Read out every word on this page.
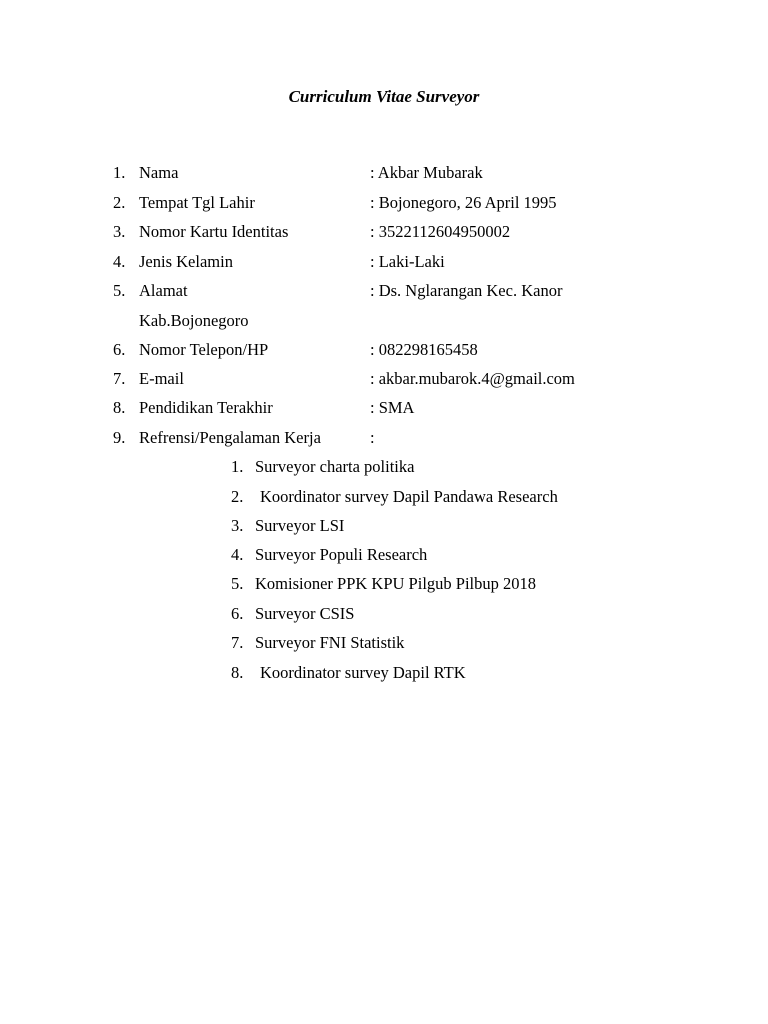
Curriculum Vitae Surveyor
1. Nama	: Akbar Mubarak
2. Tempat Tgl Lahir	: Bojonegoro, 26 April 1995
3. Nomor Kartu Identitas	: 3522112604950002
4. Jenis Kelamin	: Laki-Laki
5. Alamat	: Ds. Nglarangan Kec. Kanor
Kab.Bojonegoro
6. Nomor Telepon/HP	: 082298165458
7. E-mail	: akbar.mubarok.4@gmail.com
8. Pendidikan Terakhir	: SMA
9. Refrensi/Pengalaman Kerja	:
1. Surveyor charta politika
2. Koordinator survey Dapil Pandawa Research
3. Surveyor LSI
4. Surveyor Populi Research
5. Komisioner PPK KPU Pilgub Pilbup 2018
6. Surveyor CSIS
7. Surveyor FNI Statistik
8. Koordinator survey Dapil RTK
